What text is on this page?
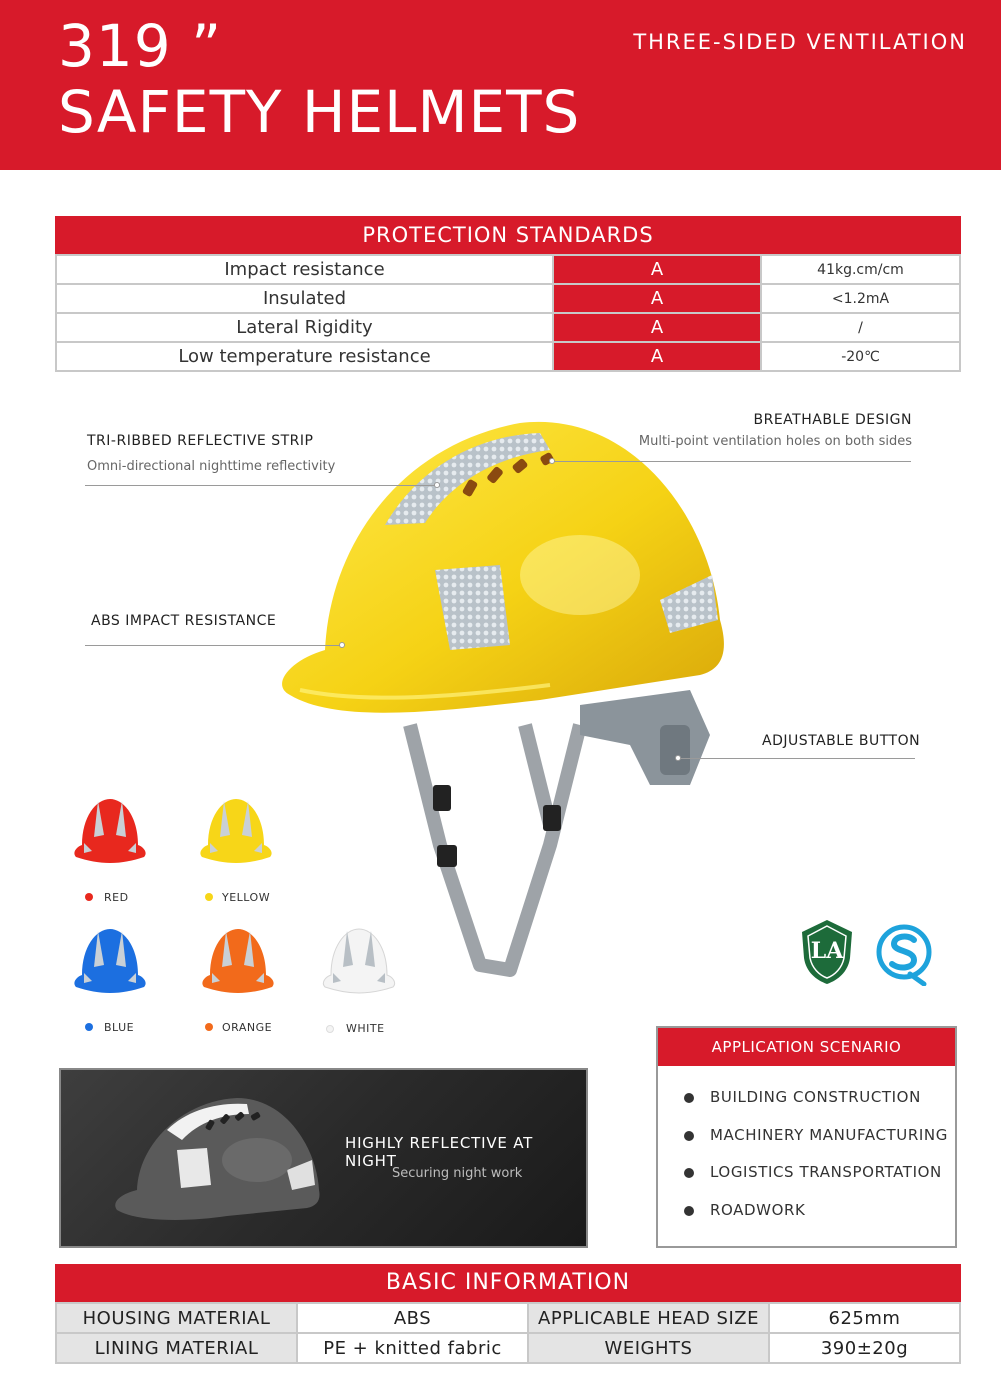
319 ”
SAFETY HELMETS
THREE-SIDED VENTILATION
PROTECTION STANDARDS
Impact resistance	A	41kg.cm/cm
Insulated	A	<1.2mA
Lateral Rigidity	A	/
Low temperature resistance	A	-20℃
TRI-RIBBED REFLECTIVE STRIP
Omni-directional nighttime reflectivity
BREATHABLE DESIGN
Multi-point ventilation holes on both sides
ABS IMPACT RESISTANCE
ADJUSTABLE BUTTON
RED	YELLOW
BLUE	ORANGE	WHITE
LA
HIGHLY REFLECTIVE AT NIGHT
Securing night work
APPLICATION SCENARIO
BUILDING CONSTRUCTION
MACHINERY MANUFACTURING
LOGISTICS TRANSPORTATION
ROADWORK
BASIC INFORMATION
HOUSING MATERIAL	ABS	APPLICABLE HEAD SIZE	625mm
LINING MATERIAL	PE + knitted fabric	WEIGHTS	390±20g
